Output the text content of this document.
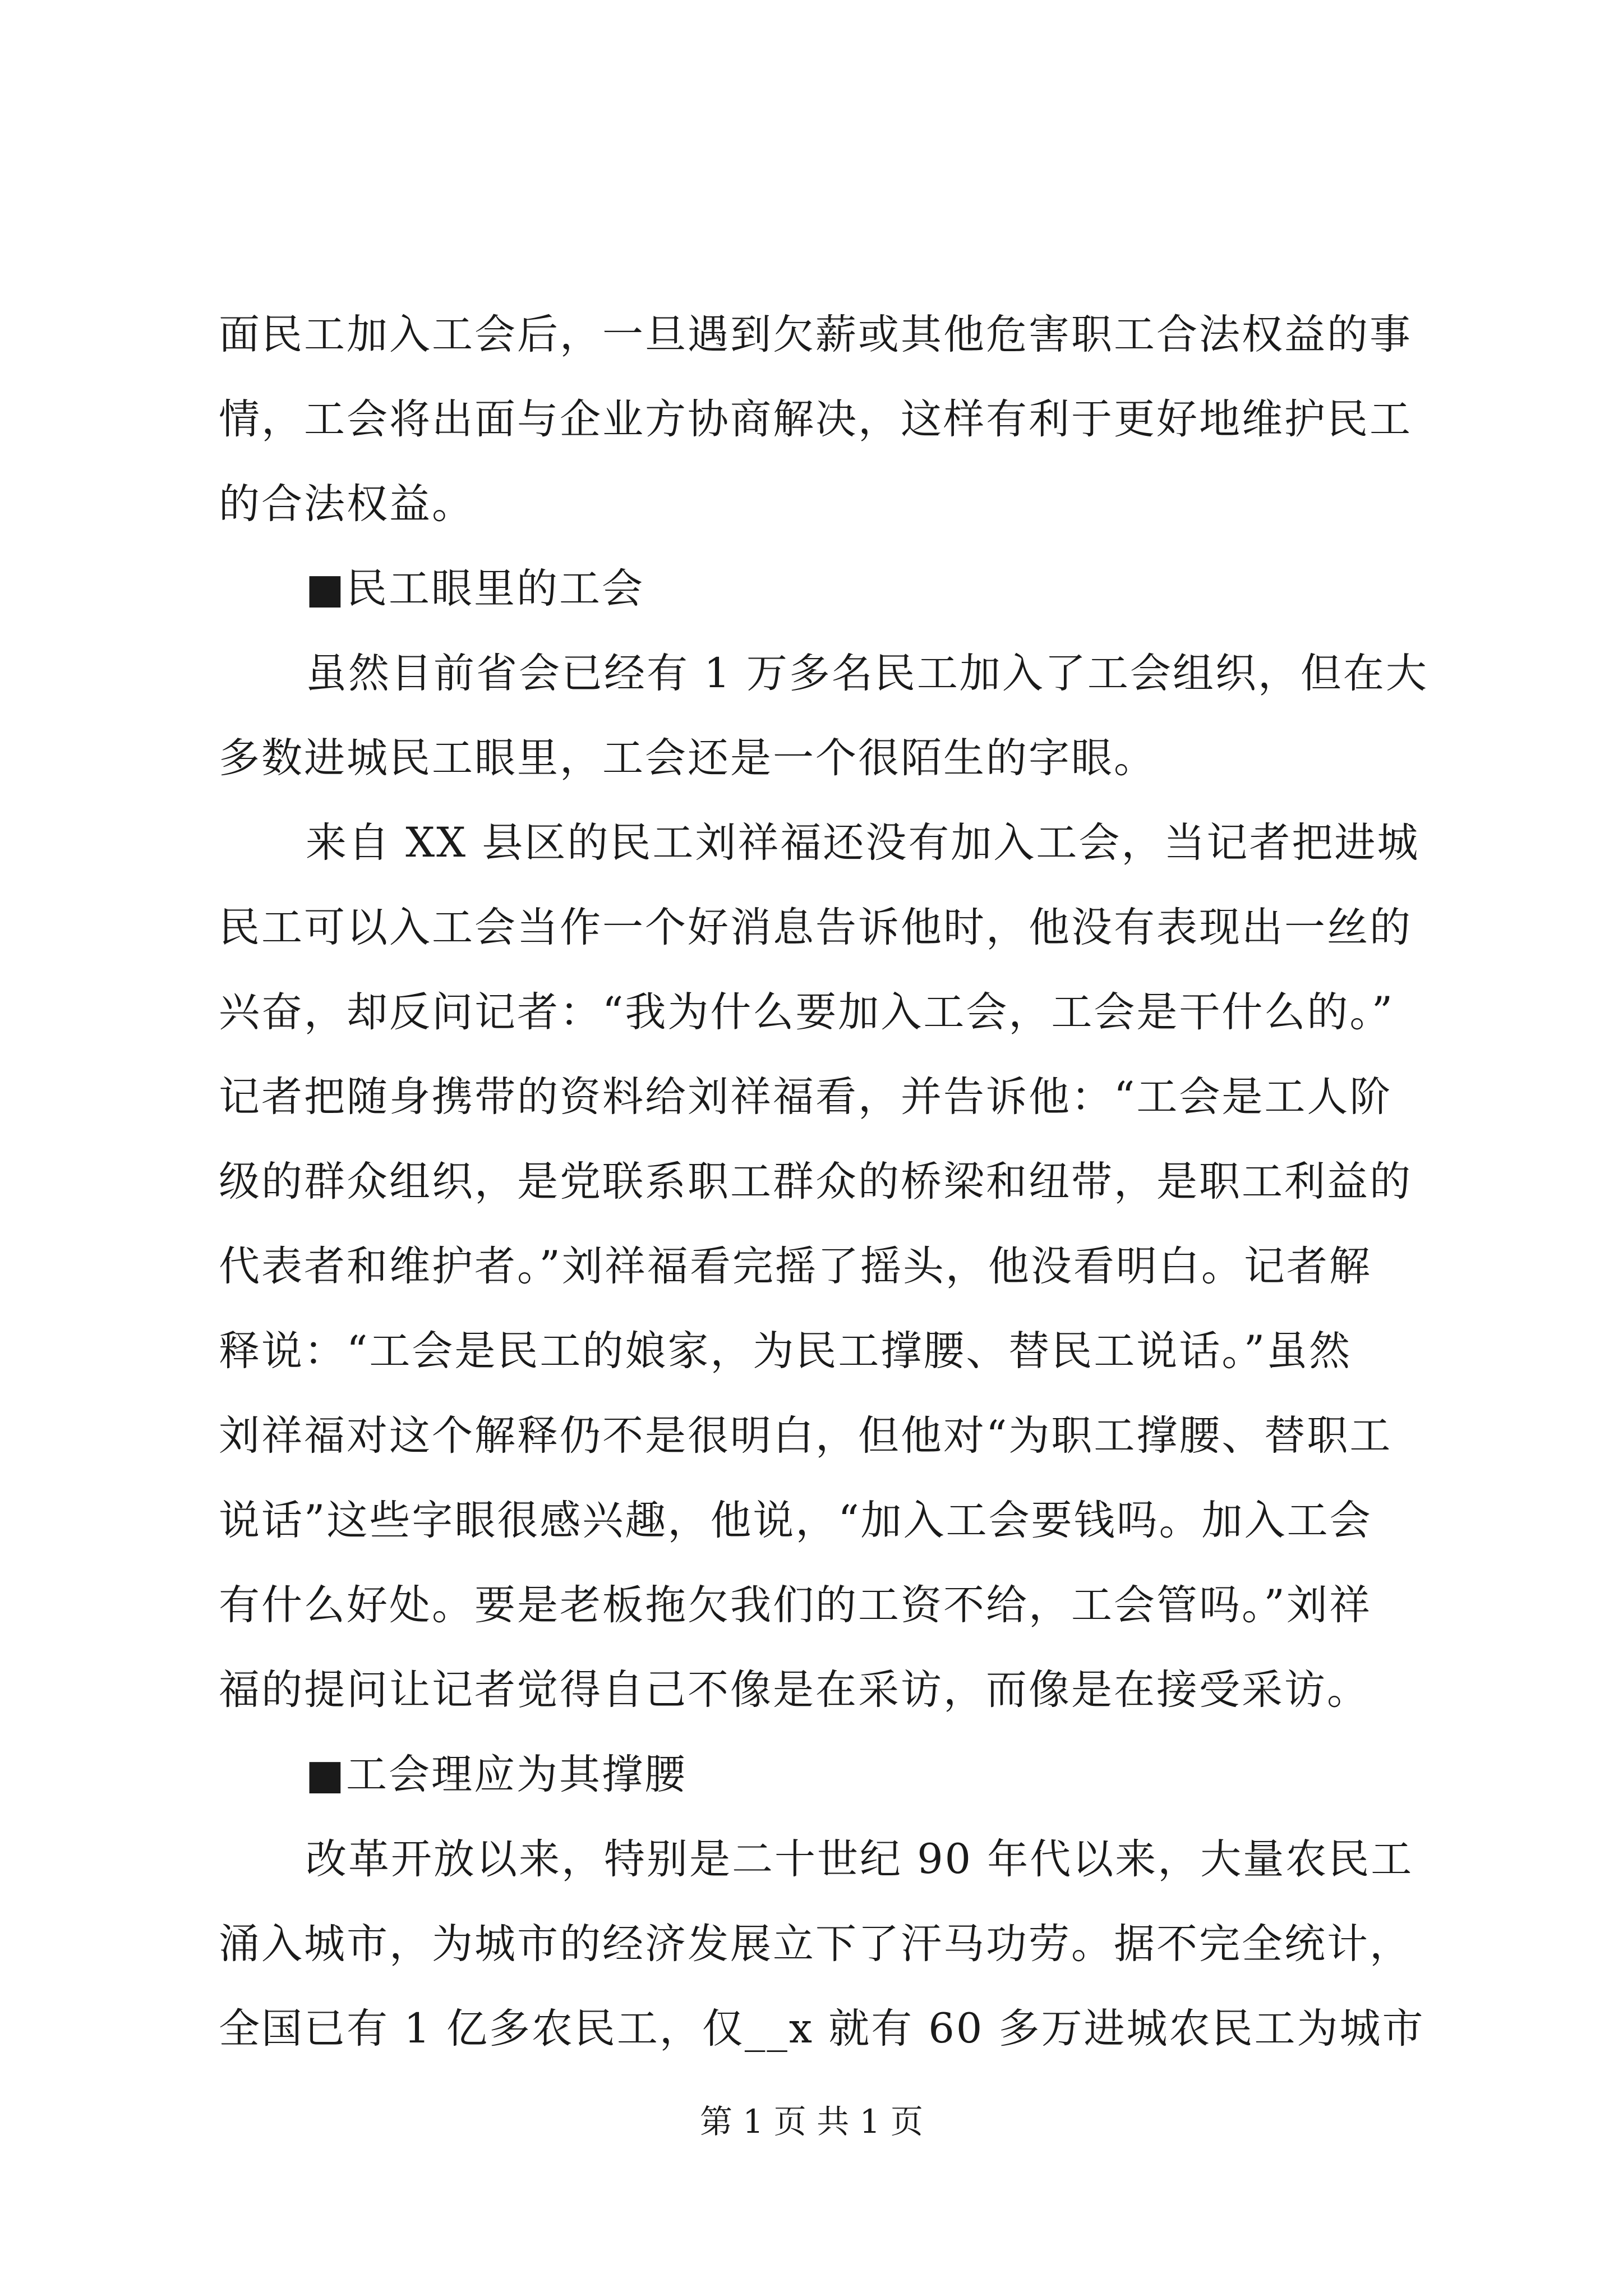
面民工加入工会后，一旦遇到欠薪或其他危害职工合法权益的事
情，工会将出面与企业方协商解决，这样有利于更好地维护民工
的合法权益。
■民工眼里的工会
虽然目前省会已经有 1 万多名民工加入了工会组织，但在大
多数进城民工眼里，工会还是一个很陌生的字眼。
来自 XX 县区的民工刘祥福还没有加入工会，当记者把进城
民工可以入工会当作一个好消息告诉他时，他没有表现出一丝的
兴奋，却反问记者：“我为什么要加入工会，工会是干什么的。”
记者把随身携带的资料给刘祥福看，并告诉他：“工会是工人阶
级的群众组织，是党联系职工群众的桥梁和纽带，是职工利益的
代表者和维护者。”刘祥福看完摇了摇头，他没看明白。记者解
释说：“工会是民工的娘家，为民工撑腰、替民工说话。”虽然
刘祥福对这个解释仍不是很明白，但他对“为职工撑腰、替职工
说话”这些字眼很感兴趣，他说，“加入工会要钱吗。加入工会
有什么好处。要是老板拖欠我们的工资不给，工会管吗。”刘祥
福的提问让记者觉得自己不像是在采访，而像是在接受采访。
■工会理应为其撑腰
改革开放以来，特别是二十世纪 90 年代以来，大量农民工
涌入城市，为城市的经济发展立下了汗马功劳。据不完全统计，
全国已有 1 亿多农民工，仅__x 就有 60 多万进城农民工为城市
第 1 页 共 1 页
